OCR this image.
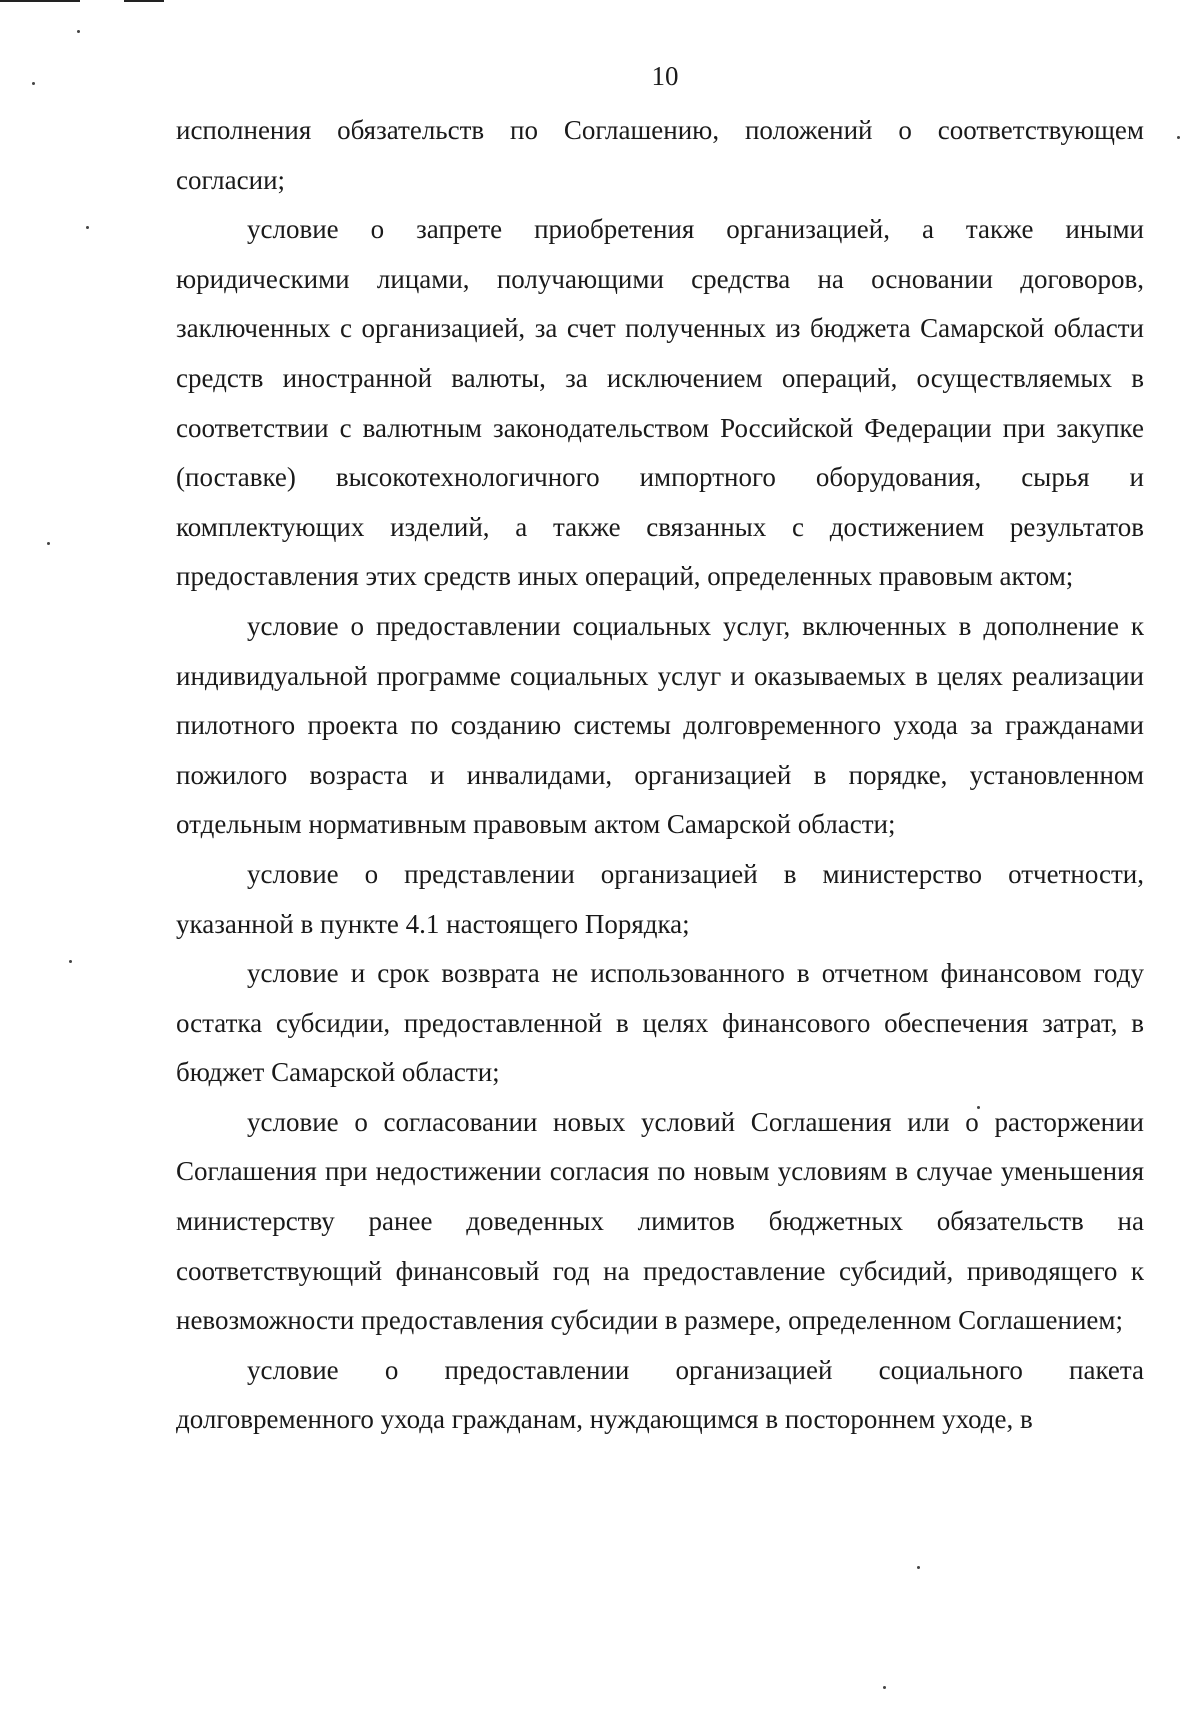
10

исполнения обязательств по Соглашению, положений о соответствующем согласии;

условие о запрете приобретения организацией, а также иными юридическими лицами, получающими средства на основании договоров, заключенных с организацией, за счет полученных из бюджета Самарской области средств иностранной валюты, за исключением операций, осуществляемых в соответствии с валютным законодательством Российской Федерации при закупке (поставке) высокотехнологичного импортного оборудования, сырья и комплектующих изделий, а также связанных с достижением результатов предоставления этих средств иных операций, определенных правовым актом;

условие о предоставлении социальных услуг, включенных в дополнение к индивидуальной программе социальных услуг и оказываемых в целях реализации пилотного проекта по созданию системы долговременного ухода за гражданами пожилого возраста и инвалидами, организацией в порядке, установленном отдельным нормативным правовым актом Самарской области;

условие о представлении организацией в министерство отчетности, указанной в пункте 4.1 настоящего Порядка;

условие и срок возврата не использованного в отчетном финансовом году остатка субсидии, предоставленной в целях финансового обеспечения затрат, в бюджет Самарской области;

условие о согласовании новых условий Соглашения или о расторжении Соглашения при недостижении согласия по новым условиям в случае уменьшения министерству ранее доведенных лимитов бюджетных обязательств на соответствующий финансовый год на предоставление субсидий, приводящего к невозможности предоставления субсидии в размере, определенном Соглашением;

условие о предоставлении организацией социального пакета долговременного ухода гражданам, нуждающимся в постороннем уходе, в
